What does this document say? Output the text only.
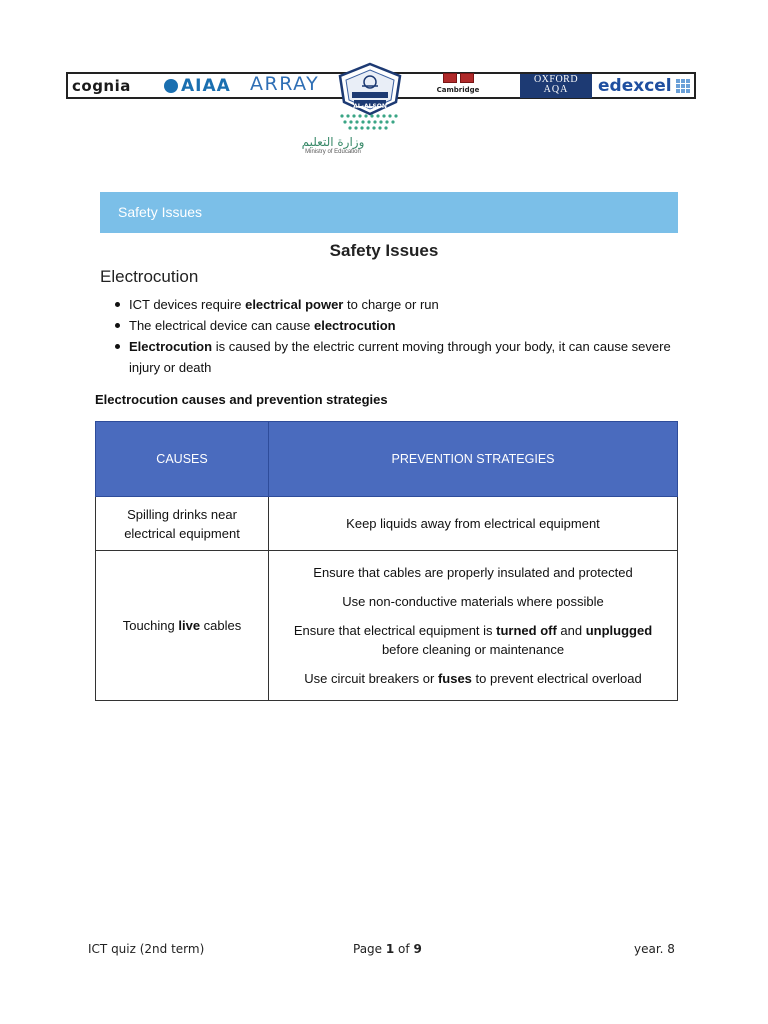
cognia	AIAA ARRAY	Cambridge
OXFORD
AQA	edexcel
AL-ALSON
وزارة التعليم
Ministry of Education
Safety Issues
Safety Issues
Electrocution
ICT devices require electrical power to charge or run
The electrical device can cause electrocution
Electrocution is caused by the electric current moving through your body, it can cause severe injury or death
Electrocution causes and prevention strategies
CAUSES	PREVENTION STRATEGIES

Spilling drinks near electrical equipment	Keep liquids away from electrical equipment
Touching live cables	Ensure that cables are properly insulated and protected
Use non-conductive materials where possible
Ensure that electrical equipment is turned off and unplugged before cleaning or maintenance
Use circuit breakers or fuses to prevent electrical overload
ICT quiz (2nd term)	Page 1 of 9	year. 8
